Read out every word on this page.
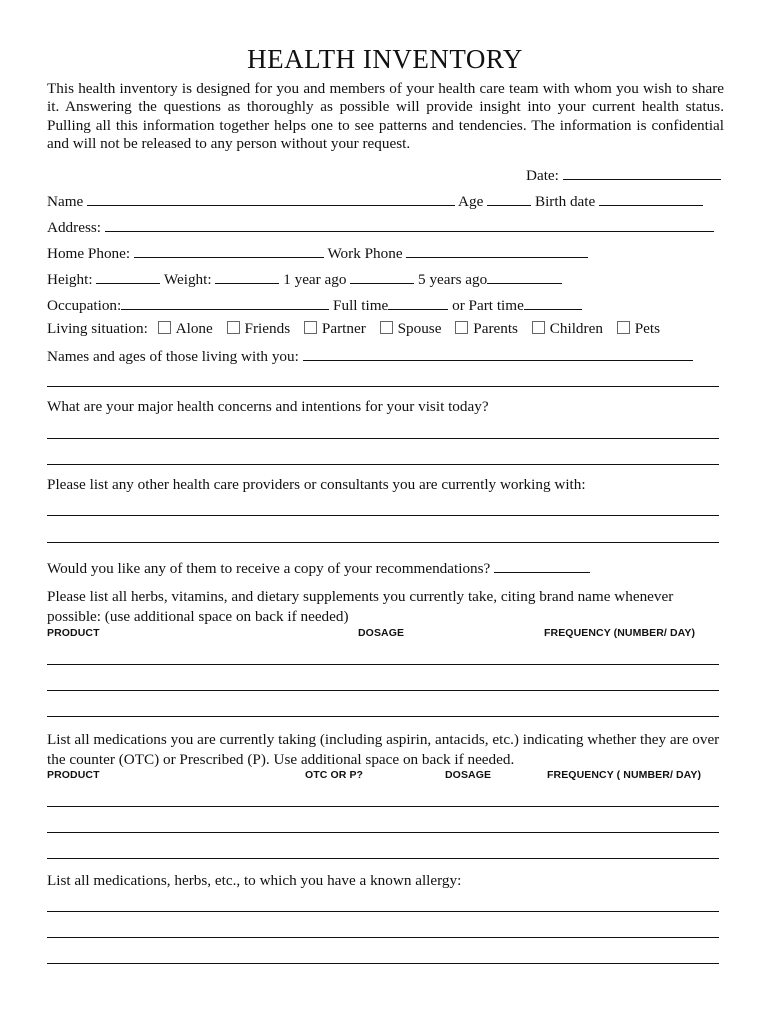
HEALTH INVENTORY
This health inventory is designed for you and members of your health care team with whom you wish to share it. Answering the questions as thoroughly as possible will provide insight into your current health status. Pulling all this information together helps one to see patterns and tendencies. The information is confidential and will not be released to any person without your request.
Date:
Name	Age	Birth date
Address:
Home Phone:	Work Phone
Height:	Weight:	1 year ago	5 years ago
Occupation:	Full time	or Part time
Living situation: Alone Friends Partner Spouse Parents Children Pets
Names and ages of those living with you:
What are your major health concerns and intentions for your visit today?
Please list any other health care providers or consultants you are currently working with:
Would you like any of them to receive a copy of your recommendations?
Please list all herbs, vitamins, and dietary supplements you currently take, citing brand name whenever possible: (use additional space on back if needed)
PRODUCT	DOSAGE	FREQUENCY (NUMBER/ DAY)
List all medications you are currently taking (including aspirin, antacids, etc.) indicating whether they are over the counter (OTC) or Prescribed (P). Use additional space on back if needed.
PRODUCT	OTC OR P?	DOSAGE	FREQUENCY ( NUMBER/ DAY)
List all medications, herbs, etc., to which you have a known allergy:
